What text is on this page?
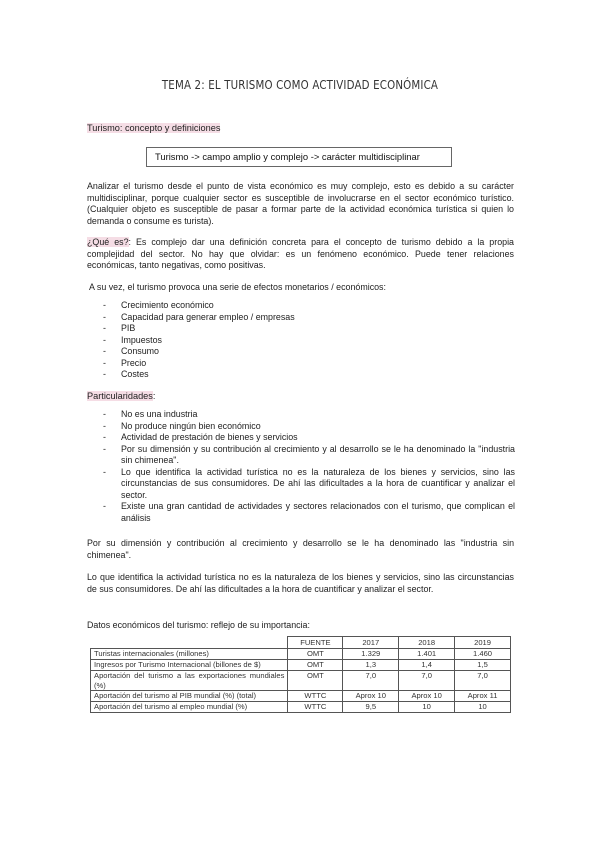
TEMA 2: EL TURISMO COMO ACTIVIDAD ECONÓMICA
Turismo: concepto y definiciones
Turismo -> campo amplio y complejo -> carácter multidisciplinar

Analizar el turismo desde el punto de vista económico es muy complejo, esto es debido a su carácter multidisciplinar, porque cualquier sector es susceptible de involucrarse en el sector económico turístico. (Cualquier objeto es susceptible de pasar a formar parte de la actividad económica turística si quien lo demanda o consume es turista).

¿Qué es?: Es complejo dar una definición concreta para el concepto de turismo debido a la propia complejidad del sector. No hay que olvidar: es un fenómeno económico. Puede tener relaciones económicas, tanto negativas, como positivas.

A su vez, el turismo provoca una serie de efectos monetarios / económicos:

- Crecimiento económico
- Capacidad para generar empleo / empresas
- PIB
- Impuestos
- Consumo
- Precio
- Costes
Particularidades:
- No es una industria
- No produce ningún bien económico
- Actividad de prestación de bienes y servicios
- Por su dimensión y su contribución al crecimiento y al desarrollo se le ha denominado la "industria sin chimenea".
- Lo que identifica la actividad turística no es la naturaleza de los bienes y servicios, sino las circunstancias de sus consumidores. De ahí las dificultades a la hora de cuantificar y analizar el sector.
- Existe una gran cantidad de actividades y sectores relacionados con el turismo, que complican el análisis

Por su dimensión y contribución al crecimiento y desarrollo se le ha denominado las "industria sin chimenea".

Lo que identifica la actividad turística no es la naturaleza de los bienes y servicios, sino las circunstancias de sus consumidores. De ahí las dificultades a la hora de cuantificar y analizar el sector.

Datos económicos del turismo: reflejo de su importancia:

	FUENTE	2017	2018	2019
Turistas internacionales (millones)	OMT	1.329	1.401	1.460
Ingresos por Turismo Internacional (billones de $)	OMT	1,3	1,4	1,5
Aportación del turismo a las exportaciones mundiales (%)	OMT	7,0	7,0	7,0
Aportación del turismo al PIB mundial (%) (total)	WTTC	Aprox 10	Aprox 10	Aprox 11
Aportación del turismo al empleo mundial (%)	WTTC	9,5	10	10
